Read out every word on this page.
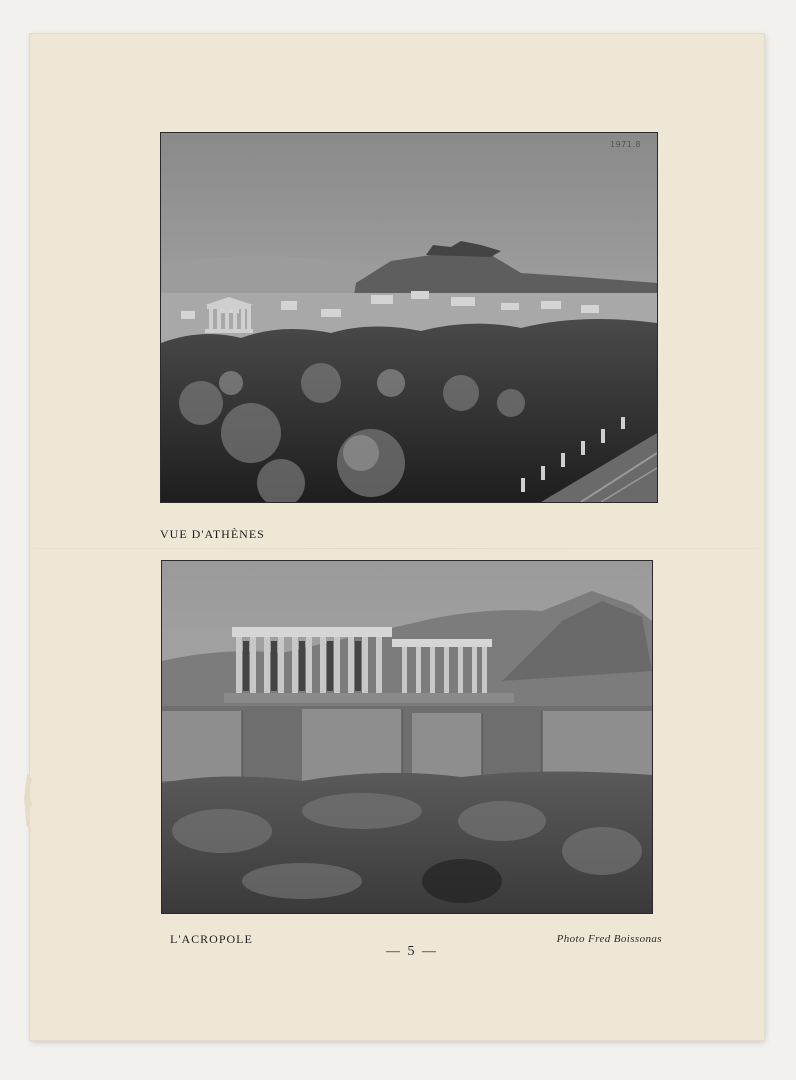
1971.8
VUE D'ATHÈNES
L'ACROPOLE	Photo Fred Boissonas
— 5 —
